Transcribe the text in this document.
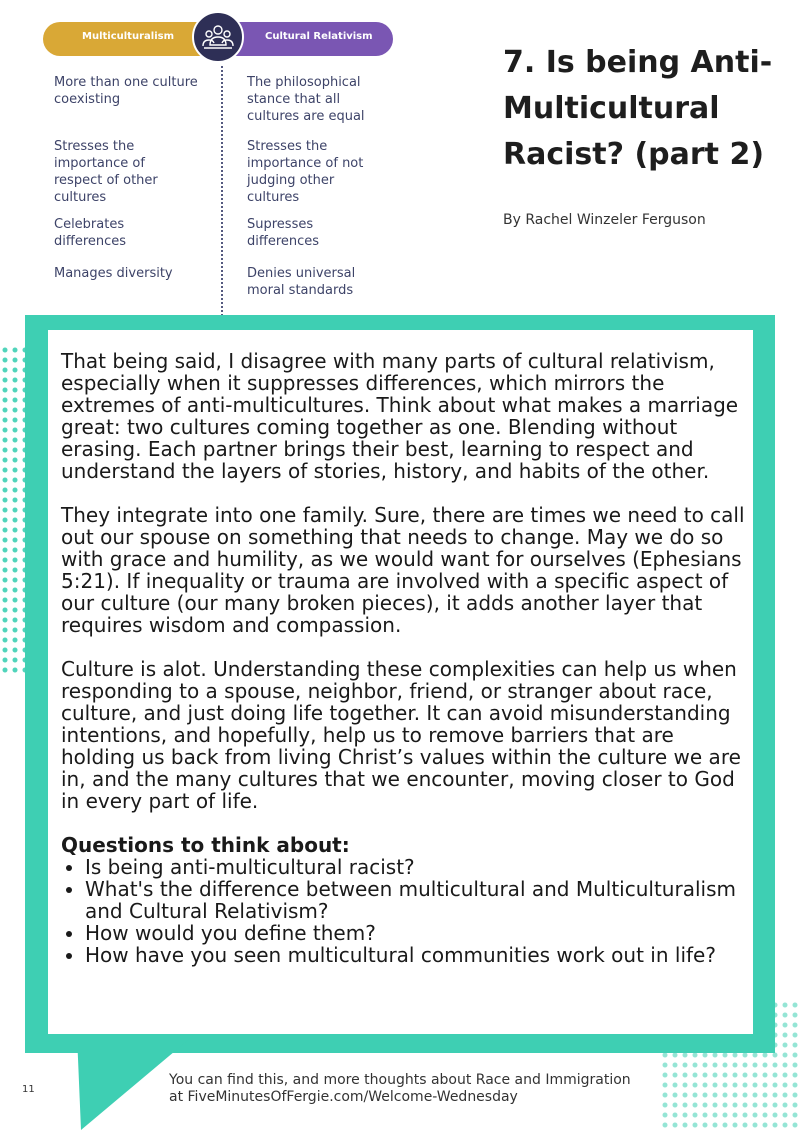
Multiculturalism	Cultural Relativism
More than one culture coexisting
The philosophical stance that all cultures are equal
Stresses the importance of respect of other cultures
Stresses the importance of not judging other cultures
Celebrates differences
Supresses differences
Manages diversity	Denies universal moral standards
7. Is being Anti-Multicultural Racist? (part 2)
By Rachel Winzeler Ferguson

That being said, I disagree with many parts of cultural relativism, especially when it suppresses differences, which mirrors the extremes of anti-multicultures. Think about what makes a marriage great: two cultures coming together as one. Blending without erasing. Each partner brings their best, learning to respect and understand the layers of stories, history, and habits of the other.

They integrate into one family. Sure, there are times we need to call out our spouse on something that needs to change. May we do so with grace and humility, as we would want for ourselves (Ephesians 5:21). If inequality or trauma are involved with a specific aspect of our culture (our many broken pieces), it adds another layer that requires wisdom and compassion.

Culture is alot. Understanding these complexities can help us when responding to a spouse, neighbor, friend, or stranger about race, culture, and just doing life together. It can avoid misunderstanding intentions, and hopefully, help us to remove barriers that are holding us back from living Christ’s values within the culture we are in, and the many cultures that we encounter, moving closer to God in every part of life.

Questions to think about:
• Is being anti-multicultural racist?
• What's the difference between multicultural and Multiculturalism and Cultural Relativism?
• How would you define them?
• How have you seen multicultural communities work out in life?
11
You can find this, and more thoughts about Race and Immigration
at FiveMinutesOfFergie.com/Welcome-Wednesday
